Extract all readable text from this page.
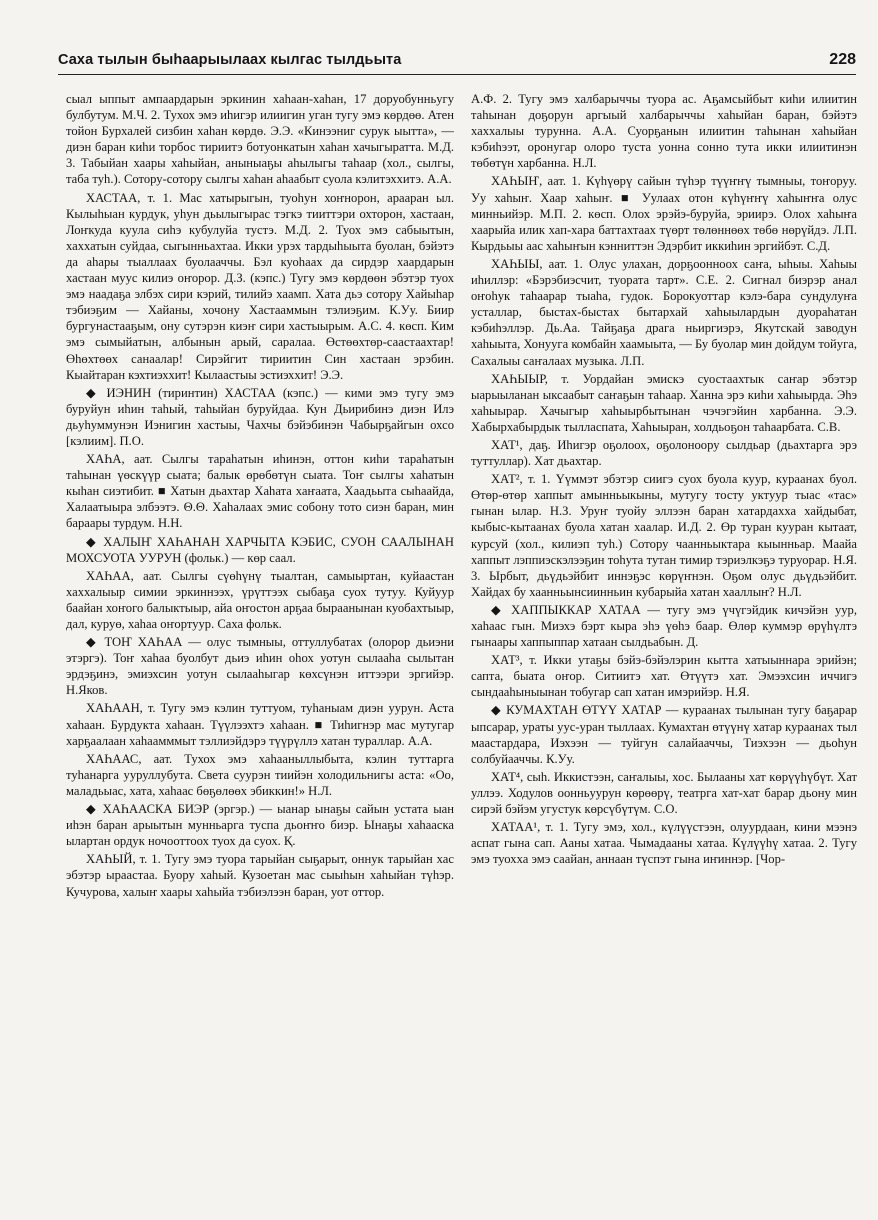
Саха тылын быһаарыылаах кылгас тылдьыта	228

сыал ыппыт ампаардарын эркинин хаһаан-хаһан, 17 доруобунньугу булбутум. М.Ч. 2. Тухох эмэ иһигэр илиигин уган тугу эмэ көрдөө. Атен тойон Бурхалей сизбин хаһан көрдө. Э.Э. «Кинээниг сурук ыытта», — диэн баран киһи торбос тириитэ ботуонкатын хаһан хачыгыратта. М.Д. 3. Табыйан хаары хаһыйан, аныныаҕы аһылыгы таһаар (хол., сылгы, таба туһ.). Сотору-сотору сылгы хаһан аһаабыт суола кэлитэххитэ. А.А.

ХАСТАА, т. 1. Мас хатырыгын, туоһун хоҥнорон, арааран ыл. Кылыһыан курдук, уһун дьылыгырас тэгкэ тииттэри охторон, хастаан, Лоҥкуда куула сиһэ кубулуйа тустэ. М.Д. 2. Туох эмэ сабыытын, хаххатын суйдаа, сыгынньахтаа. Икки урэх тардыһыыта буолан, бэйэтэ да аһары тыаллаах буолааччы. Бэл куоһаах да сирдэр хаардарын хастаан муус килиэ оҥорор. Д.З. (кэпс.) Тугу эмэ көрдөөн эбэтэр туох эмэ наадаҕа элбэх сири кэрий, тилийэ хаамп. Хата дьэ сотору Хайыһар тэбиэҕим — Хайаны, хочону Хастааммын тэлиэҕим. К.Уу. Биир бургунастааҕым, ону сутэрэн киэҥ сири хастыырым. А.С. 4. көсп. Ким эмэ сымыйатын, албынын арый, саралаа. Өстөөхтөр-саастаахтар! Өһөхтөөх санаалар! Сирэйгит тириитин Син хастаан эрэбин. Кыайтаран кэхтиэххит! Кылаастыы эстиэххит! Э.Э.

◆ ИЭНИН (тиринтин) ХАСТАА (кэпс.) — кими эмэ тугу эмэ буруйун иһин таһый, таһыйан буруйдаа. Кун Дьирибинэ диэн Илэ дьуһуммунэн Иэнигин хастыы, Чахчы бэйэбинэн Чабырҕайгын охсо [кэлиим]. П.О.

ХАҺА, аат. Сылгы тараһатын иһинэн, оттон киһи тараһатын таһынан үөскүүр сыата; балык өрөбөтүн сыата. Тоҥ сылгы хаһатын кыһан сиэтибит. ■ Хатын дьахтар Хаһата хаҥаата, Хаадьыта сыһаайда, Халаатыыра элбээтэ. Θ.Θ. Хаһалаах эмис собону тото сиэн баран, мин бараары турдум. Н.Н.

◆ ХАЛЫҤ ХАҺАНАН ХАРЧЫТА КЭБИС, СУОН СААЛЫНАН МОХСУОТА УУРУН (фольк.) — көр саал.

ХАҺАА, аат. Сылгы сүөһүнү тыалтан, самыыртан, куйаастан хаххалыыр симии эркиннээх, үрүттээх сыбаҕа суох тутуу. Куйуур баайан хоҥого балыктыыр, айа оҥостон арҕаа быраанынан куобахтыыр, дал, куруө, хаһаа оҥортуур. Саха фольк.

◆ ТОҤ ХАҺАА — олус тымныы, оттуллубатах (олорор дьиэни этэргэ). Тоҥ хаһаа буолбут дьиэ иһин оһох уотун сылааһа сылытан эрдэҕинэ, эмиэхсин уотун сылааһыгар көхсүнэн иттээри эргийэр. Н.Яков.

ХАҺААН, т. Тугу эмэ кэлин туттуом, туһаныам диэн уурун. Аста хаһаан. Бурдукта хаһаан. Түүлээхтэ хаһаан. ■ Тиһигнэр мас мутугар харҕаалаан хаһаамммыт тэллиэйдэрэ түүрүллэ хатан тураллар. А.А.

ХАҺААС, аат. Тухох эмэ хаһааныллыбыта, кэлин туттарга туһанарга ууруллубута. Света суурэн тиийэн холодильнигы аста: «Оо, маладьыас, хата, хаһаас бөҕөлөөх эбиккин!» Н.Л.

◆ ХАҺААСКА БИЭР (эргэр.) — ыанар ынаҕы сайын устата ыан иһэн баран арыытын мунньарга туспа дьоҥҥо биэр. Ынаҕы хаһааска ылартан ордук ночооттоох туох да суох. Қ.

ХАҺЫЙ, т. 1. Тугу эмэ туора тарыйан сыҕарыт, оннук тарыйан хас эбэтэр ыраастаа. Буору хаһый. Кузоетан мас сыыһын хаһыйан түһэр. Кучурова, халыҥ хаары хаһыйа тэбиэлээн баран, уот оттор.

А.Ф. 2. Тугу эмэ халбарыччы туора ас. Аҕамсыйбыт киһи илиитин таһынан доҕорун аргыый халбарыччы хаһыйан баран, бэйэтэ хаххалыы турунна. А.А. Суорҕанын илиитин таһынан хаһыйан кэбиһээт, оронугар олоро туста уонна сонно тута икки илиитинэн төбөтүн харбанна. Н.Л.

ХАҺЫҤ, аат. 1. Күһүөрү сайын түһэр түүҥҥү тымныы, тоҥоруу. Уу хаһыҥ. Хаар хаһыҥ. ■ Уулаах отон күһүҥҥү хаһыҥҥа олус минньийэр. М.П. 2. көсп. Олох эрэйэ-буруйа, эриирэ. Олох хаһыҥа хаарыйа илик хап-хара баттахтаах түөрт төлөннөөх төбө нөрүйдэ. Л.П. Кырдьыы аас хаһыҥын кэнниттэн Эдэрбит иккиһин эргийбэт. С.Д.

ХАҺЫЫ, аат. 1. Олус улахан, дорҕоонноох саҥа, ыһыы. Хаһыы иһиллэр: «Бэрэбиэсчит, туората тарт». С.Е. 2. Сигнал биэрэр анал оҥоһук таһаарар тыаһа, гудок. Борокуоттар кэлэ-бара сундулуҥа усталлар, быстах-быстах бытархай хаһыылардын дуораһатан кэбиһэллэр. Дь.Аа. Тайҕаҕа драга ньиргиэрэ, Якутскай заводун хаһыыта, Хонууга комбайн хаамыыта, — Бу буолар мин дойдум тойуга, Сахалыы саҥалаах музыка. Л.П.

ХАҺЫЫР, т. Уордайан эмискэ суостаахтык саҥар эбэтэр ыарыыланан ыксаабыт саҥаҕын таһаар. Ханна эрэ киһи хаһыырда. Эһэ хаһыырар. Хачыгыр хаһыырбытынан чэчэгэйин харбанна. Э.Э. Хабырхабырдык тылласпата, Хаһыыран, холдьоҕон таһаарбата. С.В.

ХАТ¹, даҕ. Иһигэр оҕолоох, оҕолоноору сылдьар (дьахтарга эрэ туттуллар). Хат дьахтар.

ХАТ², т. 1. Үүммэт эбэтэр сиигэ суох буола куур, кураанах буол. Өтөр-өтөр хаппыт амынньыкыны, мутугу тосту уктуур тыас «тас» гынан ылар. Н.З. Уруҥ туойу эллээн баран хатардахха хайдыбат, кыбыс-кытаанах буола хатан хаалар. И.Д. 2. Өр туран кууран кытаат, курсуй (хол., килиэп туһ.) Сотору чаанньыктара кыынньар. Маайа хаппыт лэппиэскэлээҕин тоһута тутан тимир тэриэлкэҕэ туруорар. Н.Я. 3. Ырбыт, дьүдьэйбит иннэҕэс көрүҥнэн. Оҕом олус дьүдьэйбит. Хайдах бу хаанньынсиинньин кубарыйа хатан хааллыҥ? Н.Л.

◆ ХАППЫККАР ХАТАА — тугу эмэ үчүгэйдик кичэйэн уур, хаһаас гын. Миэхэ бэрт кыра эһэ үөһэ баар. Өлөр куммэр өрүһүлтэ гынаары хаппыппар хатаан сылдьабын. Д.

ХАТ³, т. Икки утаҕы бэйэ-бэйэлэрин кытта хатыыннара эрийэн; сапта, быата оҥор. Ситиитэ хат. Өтүүтэ хат. Эмээхсин иччигэ сындааһыныынан тобугар сап хатан имэрийэр. Н.Я.

◆ КУМАХТАН ӨТҮҮ ХАТАР — кураанах тылынан тугу баҕарар ыпсарар, ураты уус-уран тыллаах. Кумахтан өтүүнү хатар кураанах тыл маастардара, Иэхээн — туйгун салайааччы, Тиэхээн — дьоһун солбуйааччы. К.Уу.

ХАТ⁴, сыһ. Иккистээн, саҥалыы, хос. Былааны хат көрүүһүбүт. Хат уллээ. Ходулов оонньуурун көрөөрү, театрга хат-хат барар дьону мин сирэй бэйэм угустук көрсүбүтүм. С.О.

ХАТАА¹, т. 1. Тугу эмэ, хол., күлүүстээн, олуурдаан, кини мээнэ аспат гына сап. Ааны хатаа. Чымадааны хатаа. Күлүүһү хатаа. 2. Тугу эмэ туохха эмэ саайан, аннаан түспэт гына иҥиннэр. [Чор-
